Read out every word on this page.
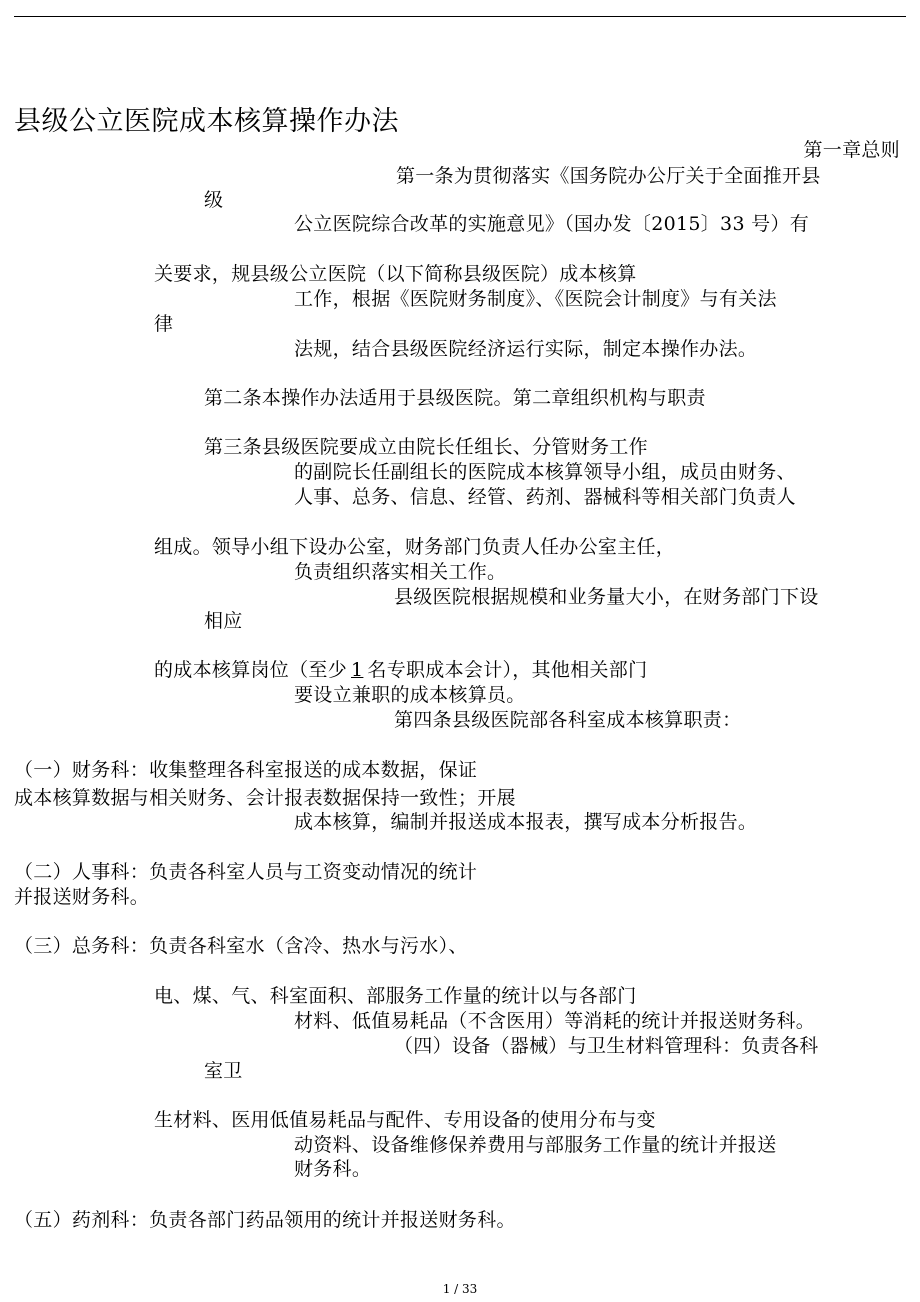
县级公立医院成本核算操作办法
第一章总则
第一条为贯彻落实《国务院办公厅关于全面推开县
级
公立医院综合改革的实施意见》（国办发〔2015〕33 号）有
关要求，规县级公立医院（以下简称县级医院）成本核算
工作，根据《医院财务制度》、《医院会计制度》与有关法
律
法规，结合县级医院经济运行实际，制定本操作办法。
第二条本操作办法适用于县级医院。第二章组织机构与职责
第三条县级医院要成立由院长任组长、分管财务工作
的副院长任副组长的医院成本核算领导小组，成员由财务、
人事、总务、信息、经管、药剂、器械科等相关部门负责人
组成。领导小组下设办公室，财务部门负责人任办公室主任，
负责组织落实相关工作。
县级医院根据规模和业务量大小，在财务部门下设
相应
的成本核算岗位（至少 1 名专职成本会计），其他相关部门
要设立兼职的成本核算员。
第四条县级医院部各科室成本核算职责：
（一）财务科：收集整理各科室报送的成本数据，保证
成本核算数据与相关财务、会计报表数据保持一致性；开展
成本核算，编制并报送成本报表，撰写成本分析报告。
（二）人事科：负责各科室人员与工资变动情况的统计
并报送财务科。
（三）总务科：负责各科室水（含冷、热水与污水）、
电、煤、气、科室面积、部服务工作量的统计以与各部门
材料、低值易耗品（不含医用）等消耗的统计并报送财务科。
（四）设备（器械）与卫生材料管理科：负责各科
室卫
生材料、医用低值易耗品与配件、专用设备的使用分布与变
动资料、设备维修保养费用与部服务工作量的统计并报送
财务科。
（五）药剂科：负责各部门药品领用的统计并报送财务科。
1 / 33
